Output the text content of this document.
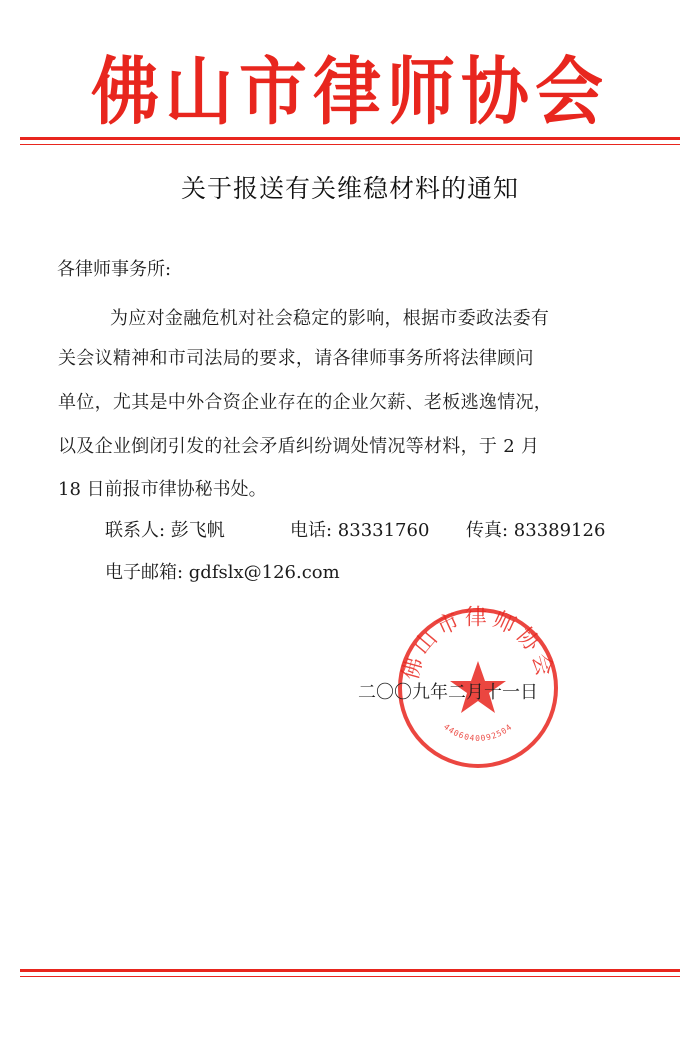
佛山市律师协会
关于报送有关维稳材料的通知
各律师事务所:
为应对金融危机对社会稳定的影响，根据市委政法委有
关会议精神和市司法局的要求，请各律师事务所将法律顾问
单位，尤其是中外合资企业存在的企业欠薪、老板逃逸情况，
以及企业倒闭引发的社会矛盾纠纷调处情况等材料，于 2 月
18 日前报市律协秘书处。
联系人: 彭飞帆	电话: 83331760 传真: 83389126
电子邮箱: gdfslx@126.com
佛山市律师协会
4406040092504
二〇〇九年二月十一日
